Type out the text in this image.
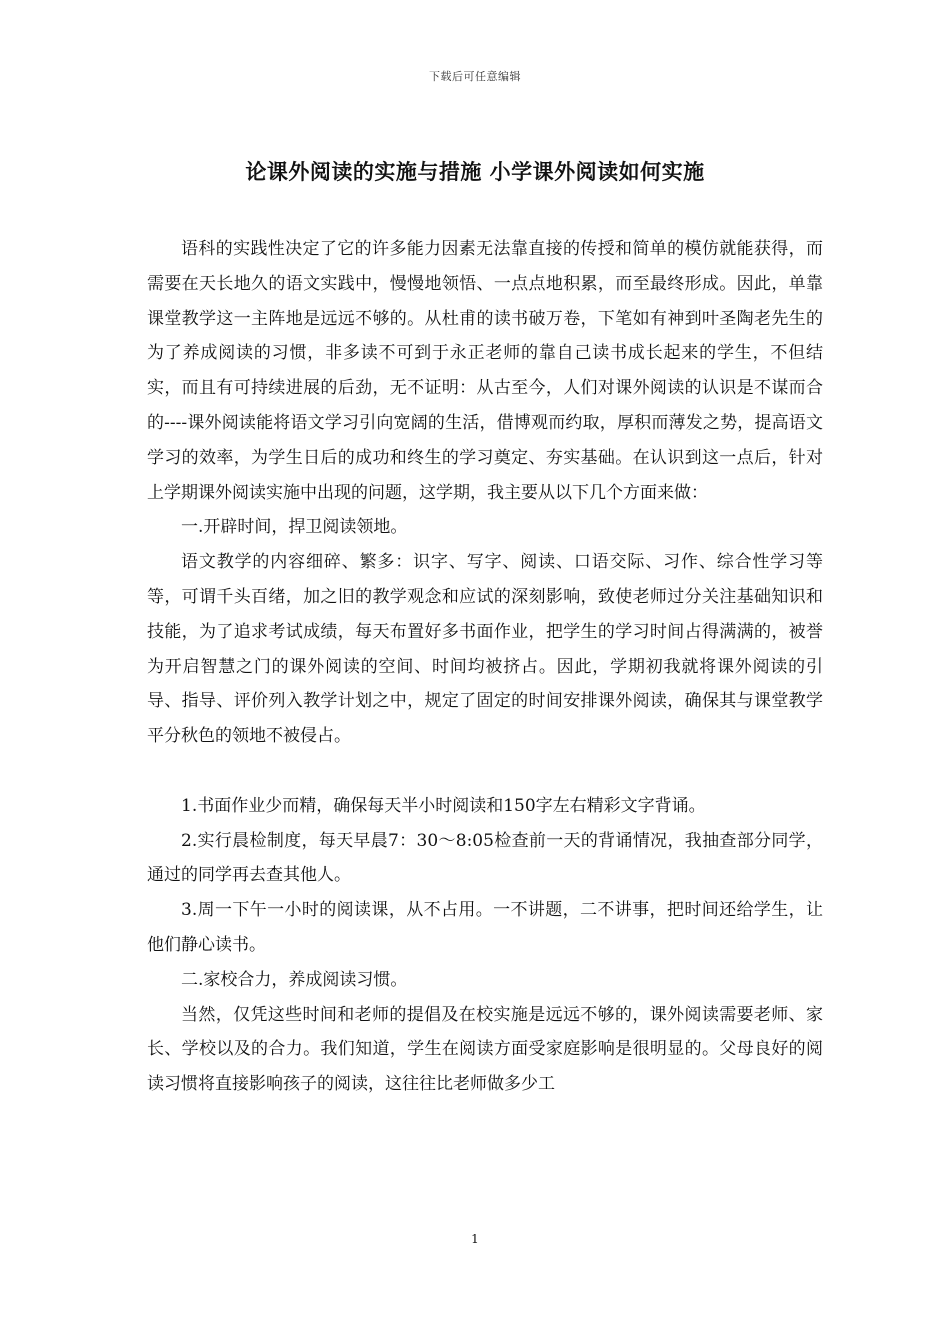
下载后可任意编辑
论课外阅读的实施与措施 小学课外阅读如何实施

语科的实践性决定了它的许多能力因素无法靠直接的传授和简单的模仿就能获得，而需要在天长地久的语文实践中，慢慢地领悟、一点点地积累，而至最终形成。因此，单靠课堂教学这一主阵地是远远不够的。从杜甫的读书破万卷，下笔如有神到叶圣陶老先生的为了养成阅读的习惯，非多读不可到于永正老师的靠自己读书成长起来的学生，不但结实，而且有可持续进展的后劲，无不证明：从古至今，人们对课外阅读的认识是不谋而合的----课外阅读能将语文学习引向宽阔的生活，借博观而约取，厚积而薄发之势，提高语文学习的效率，为学生日后的成功和终生的学习奠定、夯实基础。在认识到这一点后，针对上学期课外阅读实施中出现的问题，这学期，我主要从以下几个方面来做：

一.开辟时间，捍卫阅读领地。

语文教学的内容细碎、繁多：识字、写字、阅读、口语交际、习作、综合性学习等等，可谓千头百绪，加之旧的教学观念和应试的深刻影响，致使老师过分关注基础知识和技能，为了追求考试成绩，每天布置好多书面作业，把学生的学习时间占得满满的，被誉为开启智慧之门的课外阅读的空间、时间均被挤占。因此，学期初我就将课外阅读的引导、指导、评价列入教学计划之中，规定了固定的时间安排课外阅读，确保其与课堂教学平分秋色的领地不被侵占。

1.书面作业少而精，确保每天半小时阅读和150字左右精彩文字背诵。

2.实行晨检制度，每天早晨7：30～8:05检查前一天的背诵情况，我抽查部分同学，通过的同学再去查其他人。

3.周一下午一小时的阅读课，从不占用。一不讲题，二不讲事，把时间还给学生，让他们静心读书。

二.家校合力，养成阅读习惯。

当然，仅凭这些时间和老师的提倡及在校实施是远远不够的，课外阅读需要老师、家长、学校以及的合力。我们知道，学生在阅读方面受家庭影响是很明显的。父母良好的阅读习惯将直接影响孩子的阅读，这往往比老师做多少工

1
